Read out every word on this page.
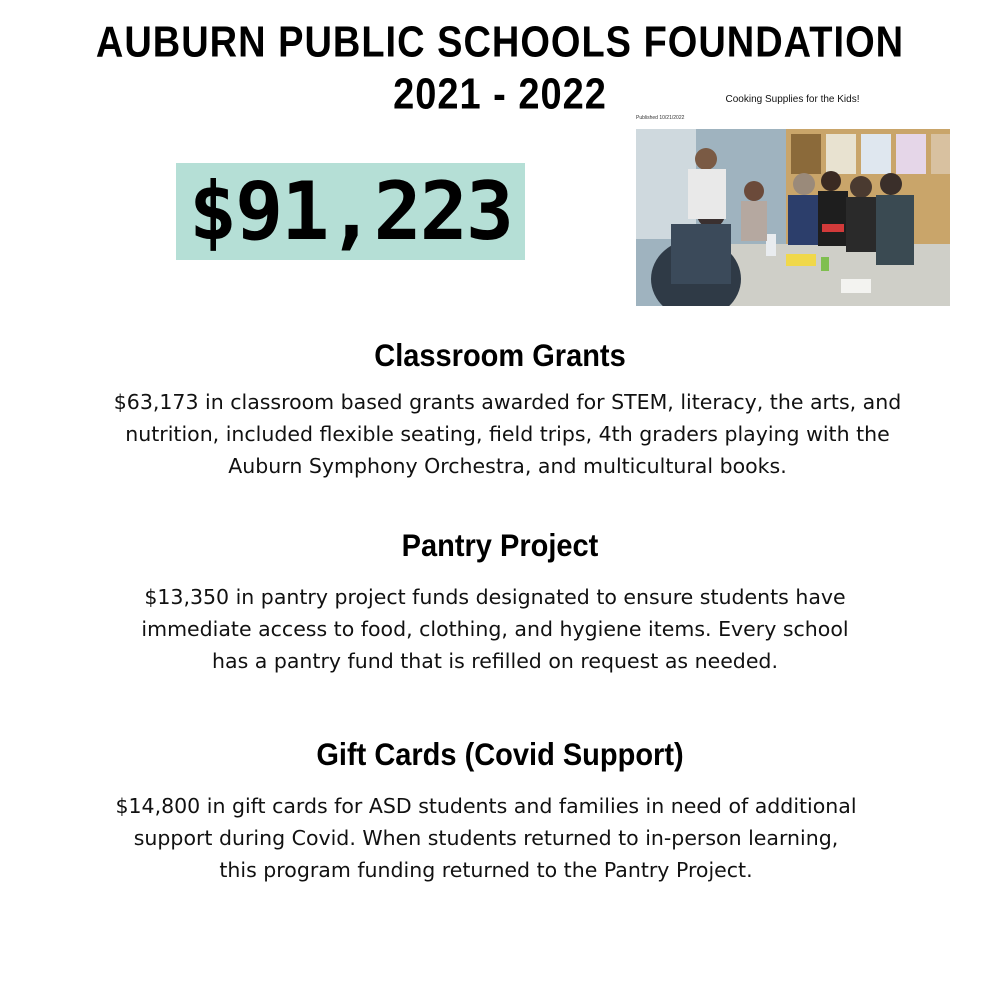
AUBURN PUBLIC SCHOOLS FOUNDATION
2021 - 2022
$91,223
Cooking Supplies for the Kids!
Published 10/21/2022
Classroom Grants
$63,173 in classroom based grants awarded for STEM, literacy, the arts, and
nutrition, included flexible seating, field trips, 4th graders playing with the
Auburn Symphony Orchestra, and multicultural books.
Pantry Project
$13,350 in pantry project funds designated to ensure students have
immediate access to food, clothing, and hygiene items. Every school
has a pantry fund that is refilled on request as needed.
Gift Cards (Covid Support)
$14,800 in gift cards for ASD students and families in need of additional
support during Covid. When students returned to in-person learning,
this program funding returned to the Pantry Project.
